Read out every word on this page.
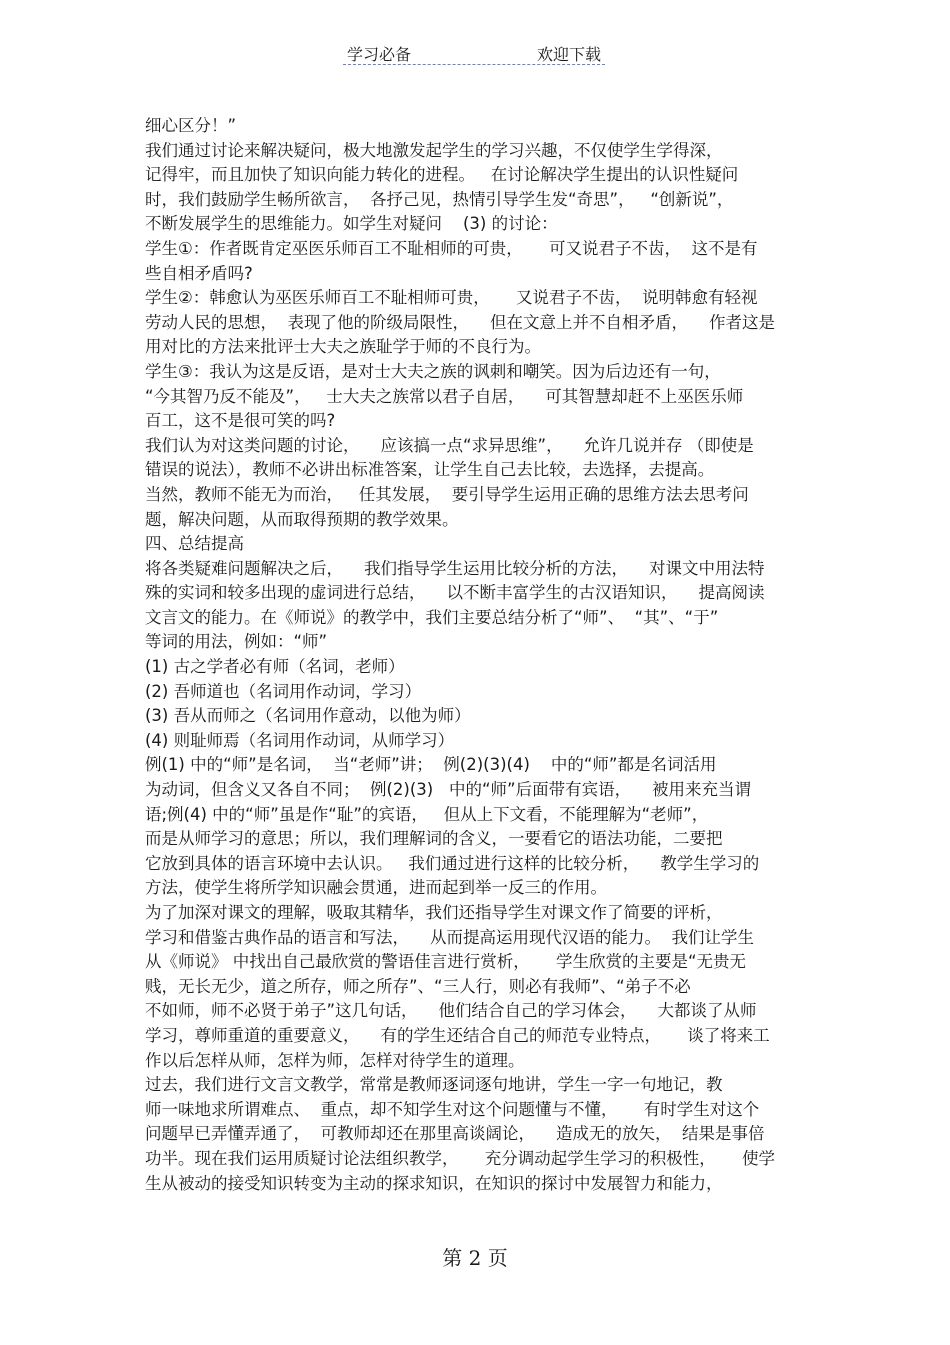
学习必备	欢迎下载
细心区分！”
我们通过讨论来解决疑问，极大地激发起学生的学习兴趣，不仅使学生学得深，
记得牢，而且加快了知识向能力转化的进程。   在讨论解决学生提出的认识性疑问
时，我们鼓励学生畅所欲言，  各抒己见，热情引导学生发“奇思”，   “创新说”，
不断发展学生的思维能力。如学生对疑问    (3) 的讨论：
学生①：作者既肯定巫医乐师百工不耻相师的可贵，     可又说君子不齿，  这不是有
些自相矛盾吗?
学生②：韩愈认为巫医乐师百工不耻相师可贵，     又说君子不齿，  说明韩愈有轻视
劳动人民的思想，  表现了他的阶级局限性，    但在文意上并不自相矛盾，    作者这是
用对比的方法来批评士大夫之族耻学于师的不良行为。
学生③：我认为这是反语，是对士大夫之族的讽刺和嘲笑。因为后边还有一句，
“今其智乃反不能及”，   士大夫之族常以君子自居，    可其智慧却赶不上巫医乐师
百工，这不是很可笑的吗?
我们认为对这类问题的讨论，    应该搞一点“求异思维”，    允许几说并存 （即使是
错误的说法），教师不必讲出标准答案，让学生自己去比较，去选择，去提高。
当然，教师不能无为而治，   任其发展，  要引导学生运用正确的思维方法去思考问
题，解决问题，从而取得预期的教学效果。
四、总结提高
将各类疑难问题解决之后，    我们指导学生运用比较分析的方法，    对课文中用法特
殊的实词和较多出现的虚词进行总结，    以不断丰富学生的古汉语知识，    提高阅读
文言文的能力。在《师说》的教学中，我们主要总结分析了“师”、  “其”、“于”
等词的用法，例如：“师”
(1) 古之学者必有师（名词，老师）
(2) 吾师道也（名词用作动词，学习）
(3) 吾从而师之（名词用作意动，以他为师）
(4) 则耻师焉（名词用作动词，从师学习）
例(1) 中的“师”是名词，  当“老师”讲；  例(2)(3)(4)    中的“师”都是名词活用
为动词，但含义又各自不同；  例(2)(3)   中的“师”后面带有宾语，    被用来充当谓
语;例(4) 中的“师”虽是作“耻”的宾语，   但从上下文看，不能理解为“老师”，
而是从师学习的意思；所以，我们理解词的含义，一要看它的语法功能，二要把
它放到具体的语言环境中去认识。   我们通过进行这样的比较分析，    教学生学习的
方法，使学生将所学知识融会贯通，进而起到举一反三的作用。
为了加深对课文的理解，吸取其精华，我们还指导学生对课文作了简要的评析，
学习和借鉴古典作品的语言和写法，    从而提高运用现代汉语的能力。  我们让学生
从《师说》 中找出自己最欣赏的警语佳言进行赏析，     学生欣赏的主要是“无贵无
贱，无长无少，道之所存，师之所存”、“三人行，则必有我师”、“弟子不必
不如师，师不必贤于弟子”这几句话，    他们结合自己的学习体会，    大都谈了从师
学习，尊师重道的重要意义，    有的学生还结合自己的师范专业特点，     谈了将来工
作以后怎样从师，怎样为师，怎样对待学生的道理。
过去，我们进行文言文教学，常常是教师逐词逐句地讲，学生一字一句地记，教
师一味地求所谓难点、  重点，却不知学生对这个问题懂与不懂，     有时学生对这个
问题早已弄懂弄通了，  可教师却还在那里高谈阔论，    造成无的放矢，  结果是事倍
功半。现在我们运用质疑讨论法组织教学，     充分调动起学生学习的积极性，     使学
生从被动的接受知识转变为主动的探求知识，在知识的探讨中发展智力和能力，
第 2 页
